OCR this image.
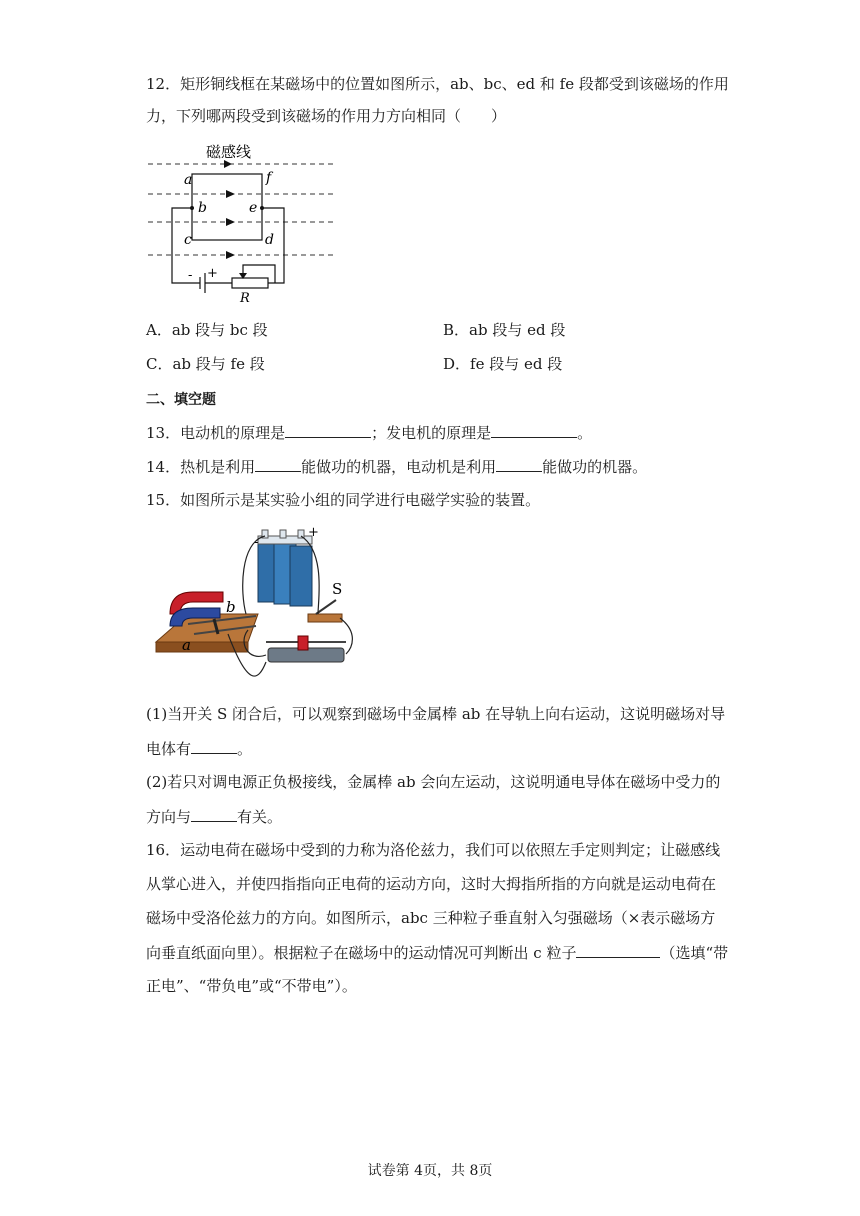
12．矩形铜线框在某磁场中的位置如图所示，ab、bc、ed 和 fe 段都受到该磁场的作用
力，下列哪两段受到该磁场的作用力方向相同（　　）
磁感线
a
b
c
f
e
d
- +
R
A．ab 段与 bc 段	B．ab 段与 ed 段
C．ab 段与 fe 段	D．fe 段与 ed 段
二、填空题
13．电动机的原理是	；发电机的原理是	。
14．热机是利用	能做功的机器，电动机是利用	能做功的机器。
15．如图所示是某实验小组的同学进行电磁学实验的装置。
-
+
S
b
a
(1)当开关 S 闭合后，可以观察到磁场中金属棒 ab 在导轨上向右运动，这说明磁场对导
电体有	。
(2)若只对调电源正负极接线，金属棒 ab 会向左运动，这说明通电导体在磁场中受力的
方向与	有关。
16．运动电荷在磁场中受到的力称为洛伦兹力，我们可以依照左手定则判定；让磁感线
从掌心进入，并使四指指向正电荷的运动方向，这时大拇指所指的方向就是运动电荷在
磁场中受洛伦兹力的方向。如图所示，abc 三种粒子垂直射入匀强磁场（×表示磁场方
向垂直纸面向里）。根据粒子在磁场中的运动情况可判断出 c 粒子	（选填“带
正电”、“带负电”或“不带电”）。
试卷第 4页，共 8页
